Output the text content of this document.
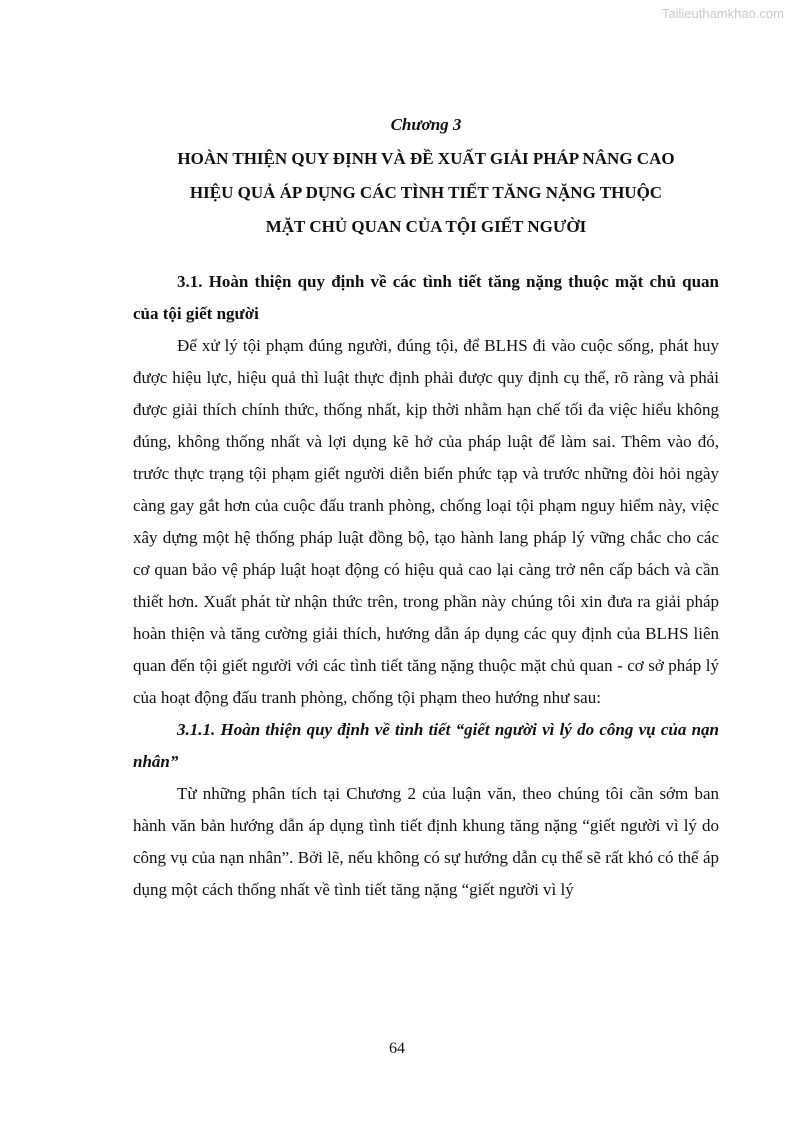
Tailieuthamkhao.com
Chương 3

HOÀN THIỆN QUY ĐỊNH VÀ ĐỀ XUẤT GIẢI PHÁP NÂNG CAO

HIỆU QUẢ ÁP DỤNG CÁC TÌNH TIẾT TĂNG NẶNG THUỘC

MẶT CHỦ QUAN CỦA TỘI GIẾT NGƯỜI

3.1. Hoàn thiện quy định về các tình tiết tăng nặng thuộc mặt chủ quan của tội giết người

Để xử lý tội phạm đúng người, đúng tội, để BLHS đi vào cuộc sống, phát huy được hiệu lực, hiệu quả thì luật thực định phải được quy định cụ thể, rõ ràng và phải được giải thích chính thức, thống nhất, kịp thời nhằm hạn chế tối đa việc hiểu không đúng, không thống nhất và lợi dụng kẽ hở của pháp luật để làm sai. Thêm vào đó, trước thực trạng tội phạm giết người diễn biến phức tạp và trước những đòi hỏi ngày càng gay gắt hơn của cuộc đấu tranh phòng, chống loại tội phạm nguy hiểm này, việc xây dựng một hệ thống pháp luật đồng bộ, tạo hành lang pháp lý vững chắc cho các cơ quan bảo vệ pháp luật hoạt động có hiệu quả cao lại càng trở nên cấp bách và cần thiết hơn. Xuất phát từ nhận thức trên, trong phần này chúng tôi xin đưa ra giải pháp hoàn thiện và tăng cường giải thích, hướng dẫn áp dụng các quy định của BLHS liên quan đến tội giết người với các tình tiết tăng nặng thuộc mặt chủ quan - cơ sở pháp lý của hoạt động đấu tranh phòng, chống tội phạm theo hướng như sau:

3.1.1. Hoàn thiện quy định về tình tiết “giết người vì lý do công vụ của nạn nhân”

Từ những phân tích tại Chương 2 của luận văn, theo chúng tôi cần sớm ban hành văn bản hướng dẫn áp dụng tình tiết định khung tăng nặng “giết người vì lý do công vụ của nạn nhân”. Bởi lẽ, nếu không có sự hướng dẫn cụ thể sẽ rất khó có thể áp dụng một cách thống nhất về tình tiết tăng nặng “giết người vì lý

64
